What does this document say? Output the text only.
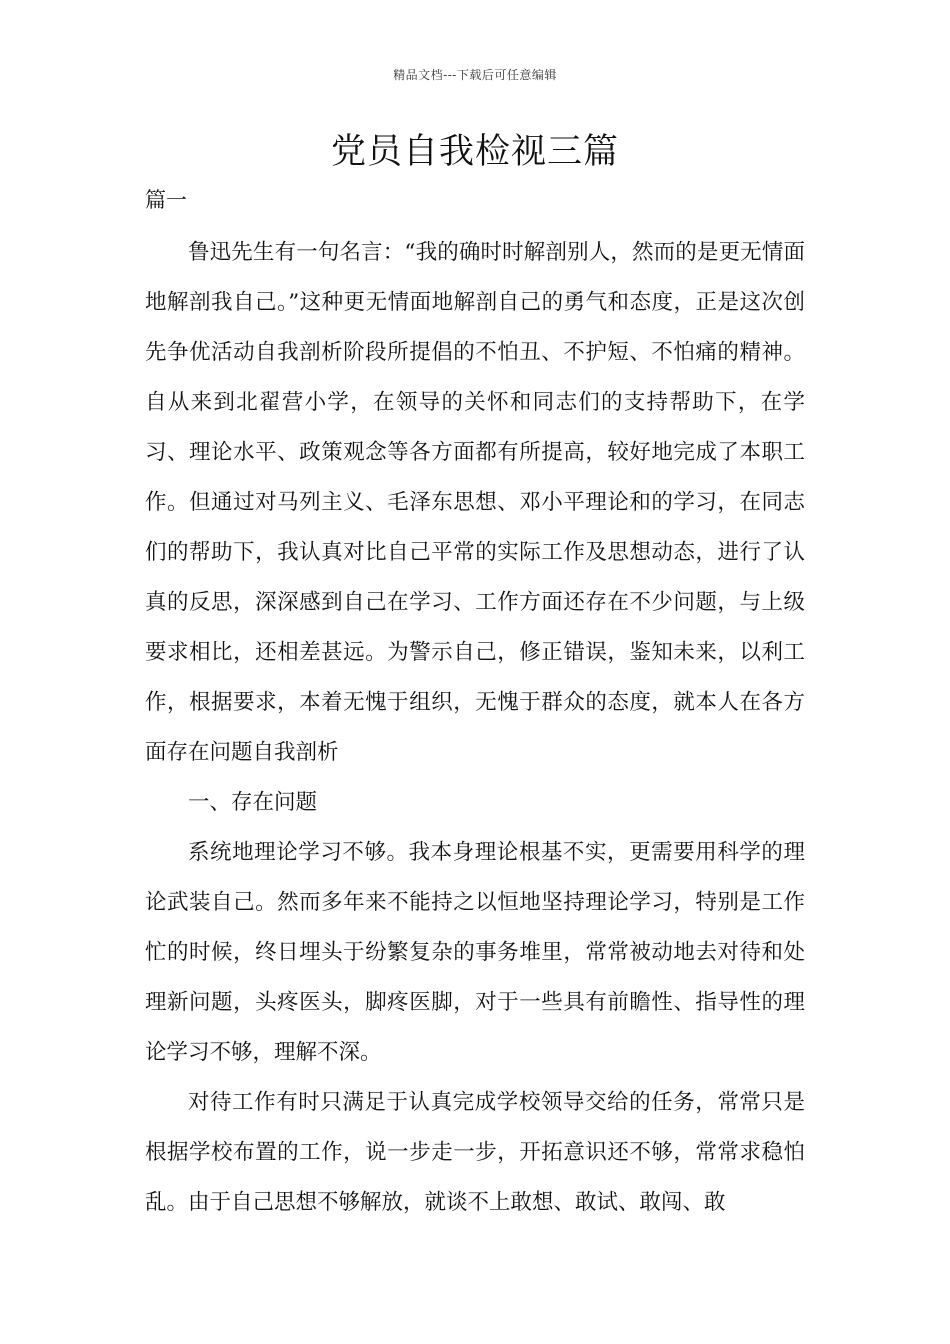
精品文档---下载后可任意编辑
党员自我检视三篇
篇一

鲁迅先生有一句名言：“我的确时时解剖别人，然而的是更无情面地解剖我自己。”这种更无情面地解剖自己的勇气和态度，正是这次创先争优活动自我剖析阶段所提倡的不怕丑、不护短、不怕痛的精神。自从来到北翟营小学，在领导的关怀和同志们的支持帮助下，在学习、理论水平、政策观念等各方面都有所提高，较好地完成了本职工作。但通过对马列主义、毛泽东思想、邓小平理论和的学习，在同志们的帮助下，我认真对比自己平常的实际工作及思想动态，进行了认真的反思，深深感到自己在学习、工作方面还存在不少问题，与上级要求相比，还相差甚远。为警示自己，修正错误，鉴知未来，以利工作，根据要求，本着无愧于组织，无愧于群众的态度，就本人在各方面存在问题自我剖析

一、存在问题

系统地理论学习不够。我本身理论根基不实，更需要用科学的理论武装自己。然而多年来不能持之以恒地坚持理论学习，特别是工作忙的时候，终日埋头于纷繁复杂的事务堆里，常常被动地去对待和处理新问题，头疼医头，脚疼医脚，对于一些具有前瞻性、指导性的理论学习不够，理解不深。

对待工作有时只满足于认真完成学校领导交给的任务，常常只是根据学校布置的工作，说一步走一步，开拓意识还不够，常常求稳怕乱。由于自己思想不够解放，就谈不上敢想、敢试、敢闯、敢
